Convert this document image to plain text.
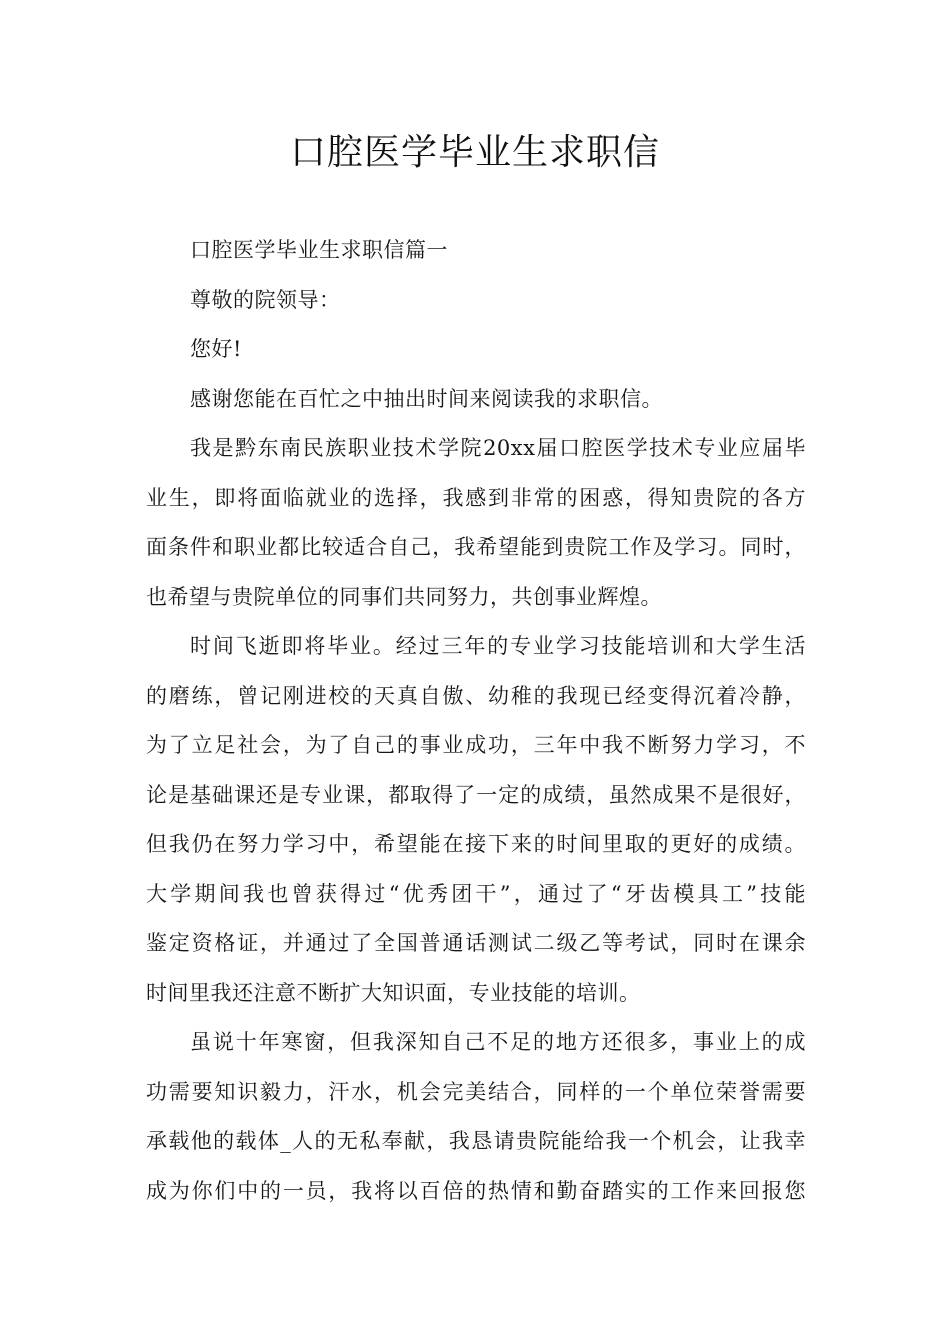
口腔医学毕业生求职信
口腔医学毕业生求职信篇一
尊敬的院领导：
您好!
感谢您能在百忙之中抽出时间来阅读我的求职信。
我是黔东南民族职业技术学院20xx届口腔医学技术专业应届毕
业生，即将面临就业的选择，我感到非常的困惑，得知贵院的各方
面条件和职业都比较适合自己，我希望能到贵院工作及学习。同时，
也希望与贵院单位的同事们共同努力，共创事业辉煌。
时间飞逝即将毕业。经过三年的专业学习技能培训和大学生活
的磨练，曾记刚进校的天真自傲、幼稚的我现已经变得沉着冷静，
为了立足社会，为了自己的事业成功，三年中我不断努力学习，不
论是基础课还是专业课，都取得了一定的成绩，虽然成果不是很好，
但我仍在努力学习中，希望能在接下来的时间里取的更好的成绩。
大学期间我也曾获得过“优秀团干”，通过了“牙齿模具工”技能
鉴定资格证，并通过了全国普通话测试二级乙等考试，同时在课余
时间里我还注意不断扩大知识面，专业技能的培训。
虽说十年寒窗，但我深知自己不足的地方还很多，事业上的成
功需要知识毅力，汗水，机会完美结合，同样的一个单位荣誉需要
承载他的载体_人的无私奉献，我恳请贵院能给我一个机会，让我幸
成为你们中的一员，我将以百倍的热情和勤奋踏实的工作来回报您
